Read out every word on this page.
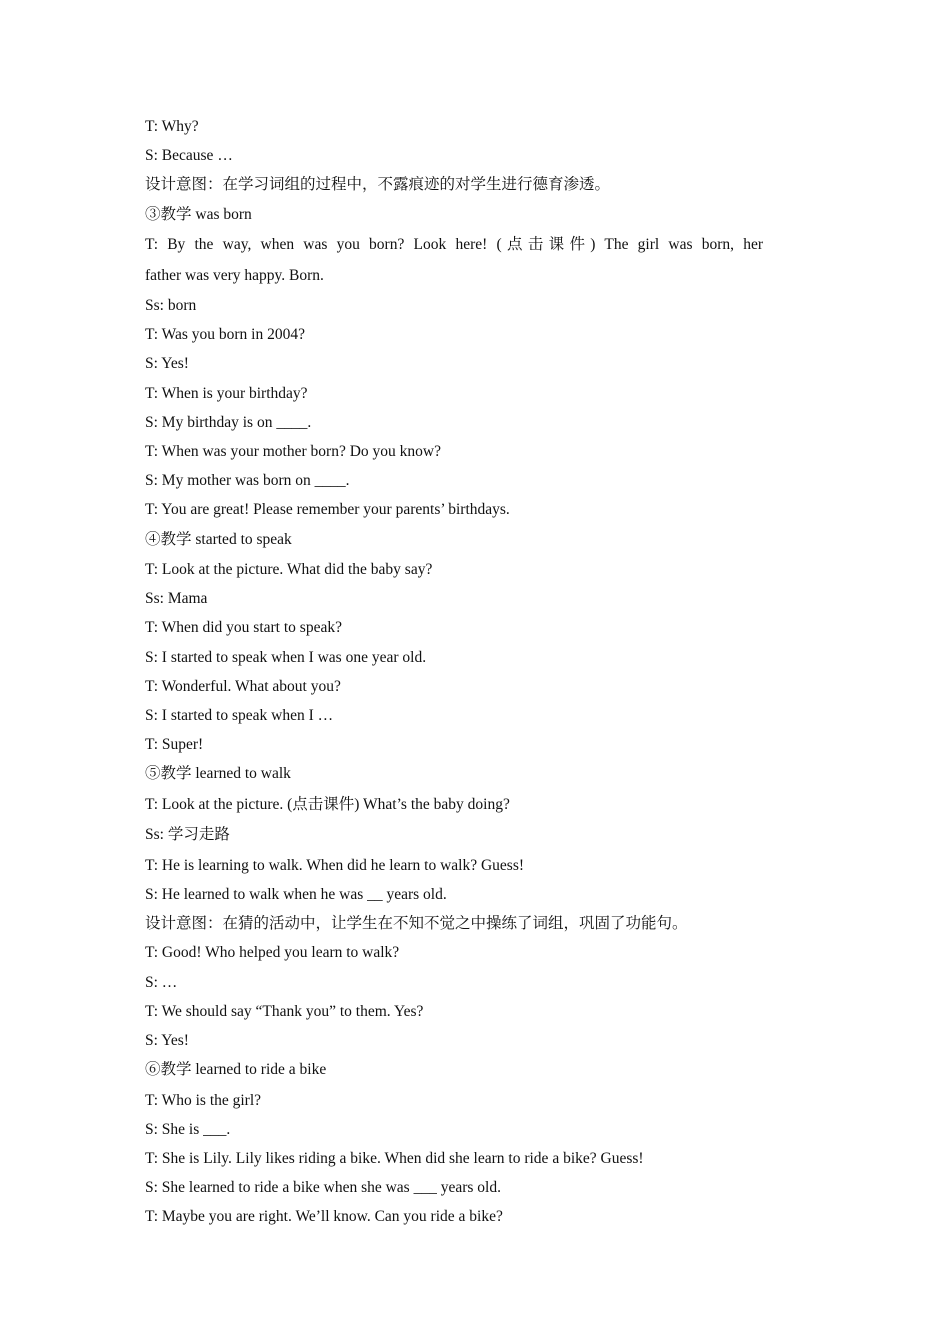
T: Why?
S: Because …
设计意图：在学习词组的过程中，不露痕迹的对学生进行德育渗透。
③教学 was born
T: By the way, when was you born? Look here! (点击课件) The girl was born, her
father was very happy. Born.
Ss: born
T: Was you born in 2004?
S: Yes!
T: When is your birthday?
S: My birthday is on ____.
T: When was your mother born? Do you know?
S: My mother was born on ____.
T: You are great! Please remember your parents’ birthdays.
④教学 started to speak
T: Look at the picture. What did the baby say?
Ss: Mama
T: When did you start to speak?
S: I started to speak when I was one year old.
T: Wonderful. What about you?
S: I started to speak when I …
T: Super!
⑤教学 learned to walk
T: Look at the picture. (点击课件) What’s the baby doing?
Ss: 学习走路
T: He is learning to walk. When did he learn to walk? Guess!
S: He learned to walk when he was __ years old.
设计意图：在猜的活动中，让学生在不知不觉之中操练了词组，巩固了功能句。
T: Good! Who helped you learn to walk?
S: …
T: We should say “Thank you” to them. Yes?
S: Yes!
⑥教学 learned to ride a bike
T: Who is the girl?
S: She is ___.
T: She is Lily. Lily likes riding a bike. When did she learn to ride a bike? Guess!
S: She learned to ride a bike when she was ___ years old.
T: Maybe you are right. We’ll know. Can you ride a bike?
